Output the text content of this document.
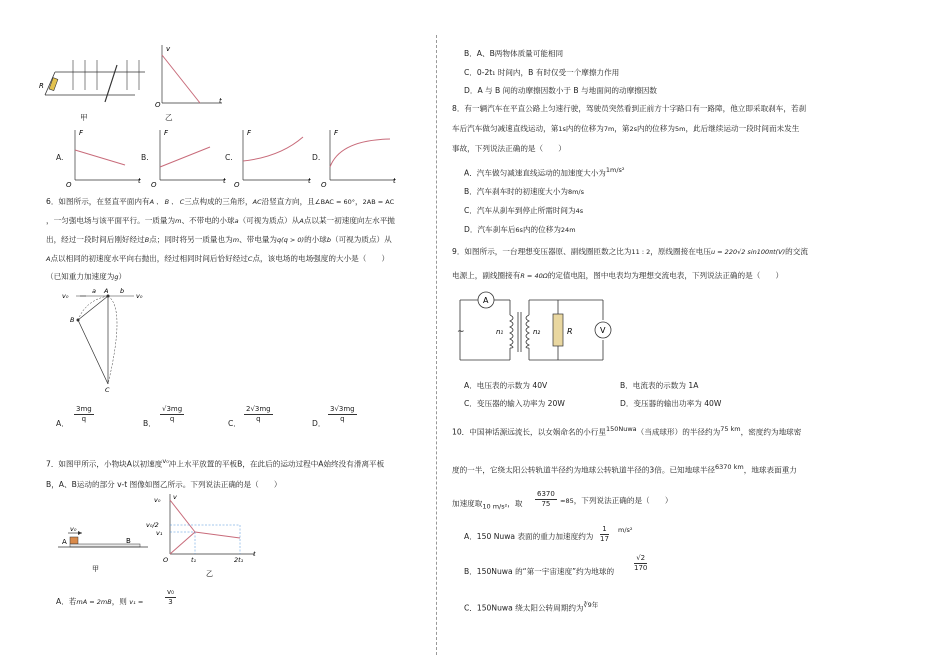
R
甲
v
t
O
乙
F	F	F	F
O	O	O	O
t	t	t	t
A.	B.	C.	D.
6．如图所示，在竖直平面内有A 、 B 、 C三点构成的三角形，AC沿竖直方向，且∠BAC = 60°，2AB = AC
，一匀强电场与该平面平行。一质量为m、不带电的小球a（可视为质点）从A点以某一初速度向左水平抛
出，经过一段时间后刚好经过B点；同时将另一质量也为m、带电量为q(q > 0)的小球b（可视为质点）从
A点以相同的初速度水平向右抛出，经过相同时间后恰好经过C点，该电场的电场强度的大小是（　　）
（已知重力加速度为g）
v₀	v₀
A
a	b
B
C
A． $\frac{3mg}{q}$	B． $\frac{√3mg}{q}$	C． $\frac{2√3mg}{q}$	D． $\frac{3√3mg}{q}$
7．如图甲所示，小物块A以初速度$^{v_0}$冲上水平放置的平板B，在此后的运动过程中A始终没有滑离平板
B，A、B运动的部分 v-t 图像如图乙所示。下列说法正确的是（　　）
v₀
A	B
甲
v
v₀
v₀/2
v₁
O	t₁	2t₁
t
乙
A．若mA = 2mB，则 v₁ =	$\frac{\text{v₀}}{3}$
B．A、B两物体质量可能相同
C．0-2t₁ 时间内，B 有时仅受一个摩擦力作用
D．A 与 B 间的动摩擦因数小于 B 与地面间的动摩擦因数
8．有一辆汽车在平直公路上匀速行驶，驾驶员突然看到正前方十字路口有一路障，他立即采取刹车，若刹
车后汽车做匀减速直线运动，第1s内的位移为7m，第2s内的位移为5m，此后继续运动一段时间而未发生
事故，下列说法正确的是（　　）
A．汽车做匀减速直线运动的加速度大小为$^{1m/s^2}$
B．汽车刹车时的初速度大小为8m/s
C．汽车从刹车到停止所需时间为4s
D．汽车刹车后6s内的位移为24m
9．如图所示，一台理想变压器原、副线圈匝数之比为11 : 2，原线圈接在电压u = 220√2 sin100πt(V)的交流
电源上，副线圈接有R = 40Ω的定值电阻，图中电表均为理想交流电表，下列说法正确的是（　　）
A
V
~	n₁	n₂	R
A．电压表的示数为 40V	B．电流表的示数为 1A
C．变压器的输入功率为 20W	D．变压器的输出功率为 40W
10．中国神话源远流长，以女娲命名的小行星$^{150Nuwa}$（当成球形）的半径约为$^{75 km}$，密度约为地球密
度的一半，它绕太阳公转轨道半径约为地球公转轨道半径的3倍。已知地球半径$^{6370 km}$，地球表面重力
加速度取$_{10 m/s^2}$，取 $\frac{6370}{75} \approx 85$，下列说法正确的是（　　）
A．150 Nuwa 表面的重力加速度约为 $\frac{1}{17} m/s^2$
B．150Nuwa 的“第一宇宙速度”约为地球的	$\frac{√2}{170}$
C．150Nuwa 绕太阳公转周期约为$^{∛9年}$
